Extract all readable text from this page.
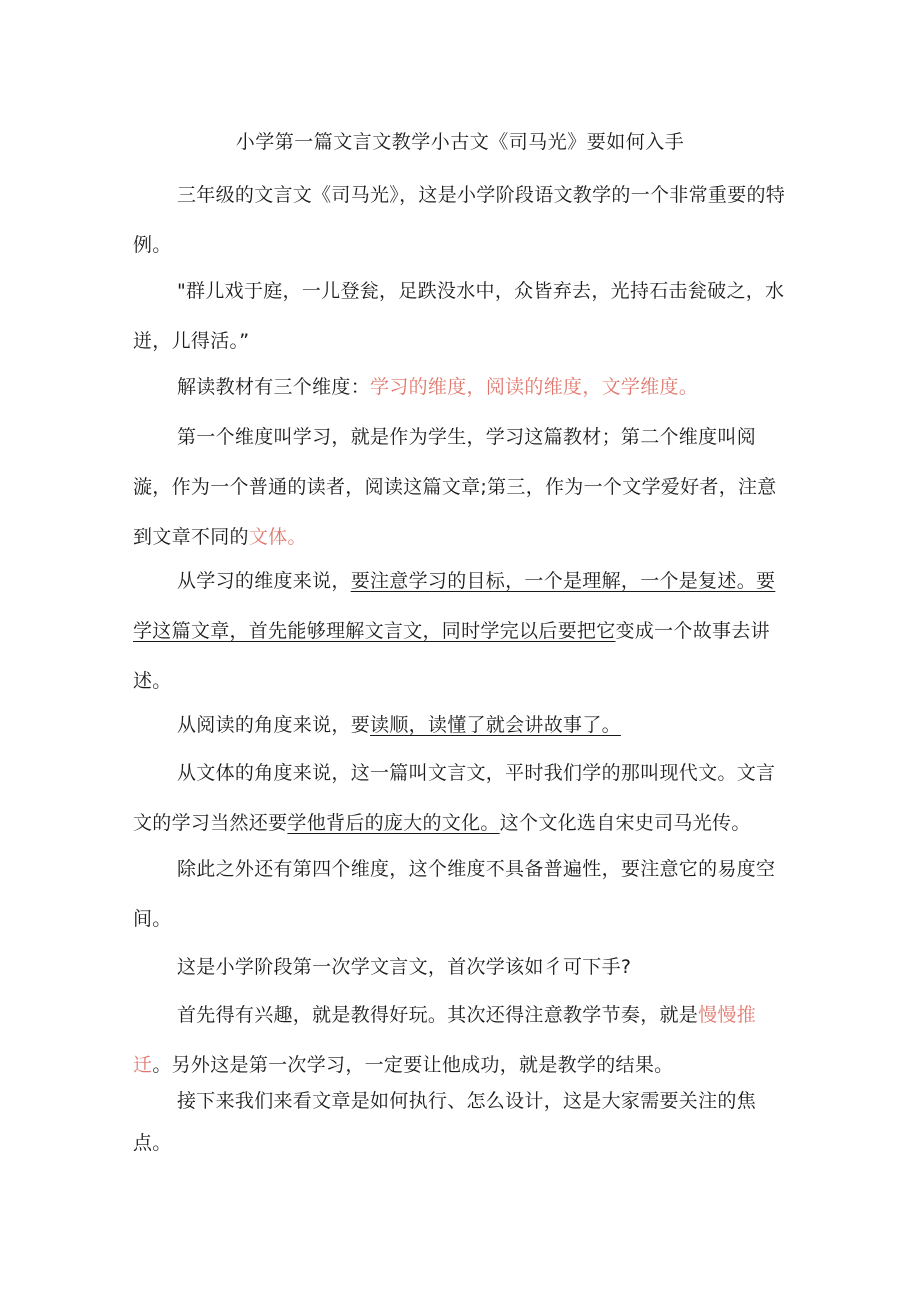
小学第一篇文言文教学小古文《司马光》要如何入手

三年级的文言文《司马光》，这是小学阶段语文教学的一个非常重要的特例。

"群儿戏于庭，一儿登瓮，足跌没水中，众皆弃去，光持石击瓮破之，水迸，儿得活。”

解读教材有三个维度：学习的维度，阅读的维度，文学维度。

第一个维度叫学习，就是作为学生，学习这篇教材；第二个维度叫阅漩，作为一个普通的读者，阅读这篇文章;第三，作为一个文学爱好者，注意到文章不同的文体。

从学习的维度来说，要注意学习的目标，一个是理解，一个是复述。要学这篇文章，首先能够理解文言文，同时学完以后要把它变成一个故事去讲述。

从阅读的角度来说，要读顺，读懂了就会讲故事了。

从文体的角度来说，这一篇叫文言文，平时我们学的那叫现代文。文言文的学习当然还要学他背后的庞大的文化。这个文化选自宋史司马光传。

除此之外还有第四个维度，这个维度不具备普遍性，要注意它的易度空间。

这是小学阶段第一次学文言文，首次学该如彳可下手?

首先得有兴趣，就是教得好玩。其次还得注意教学节奏，就是慢慢推迁。另外这是第一次学习，一定要让他成功，就是教学的结果。

接下来我们来看文章是如何执行、怎么设计，这是大家需要关注的焦点。
